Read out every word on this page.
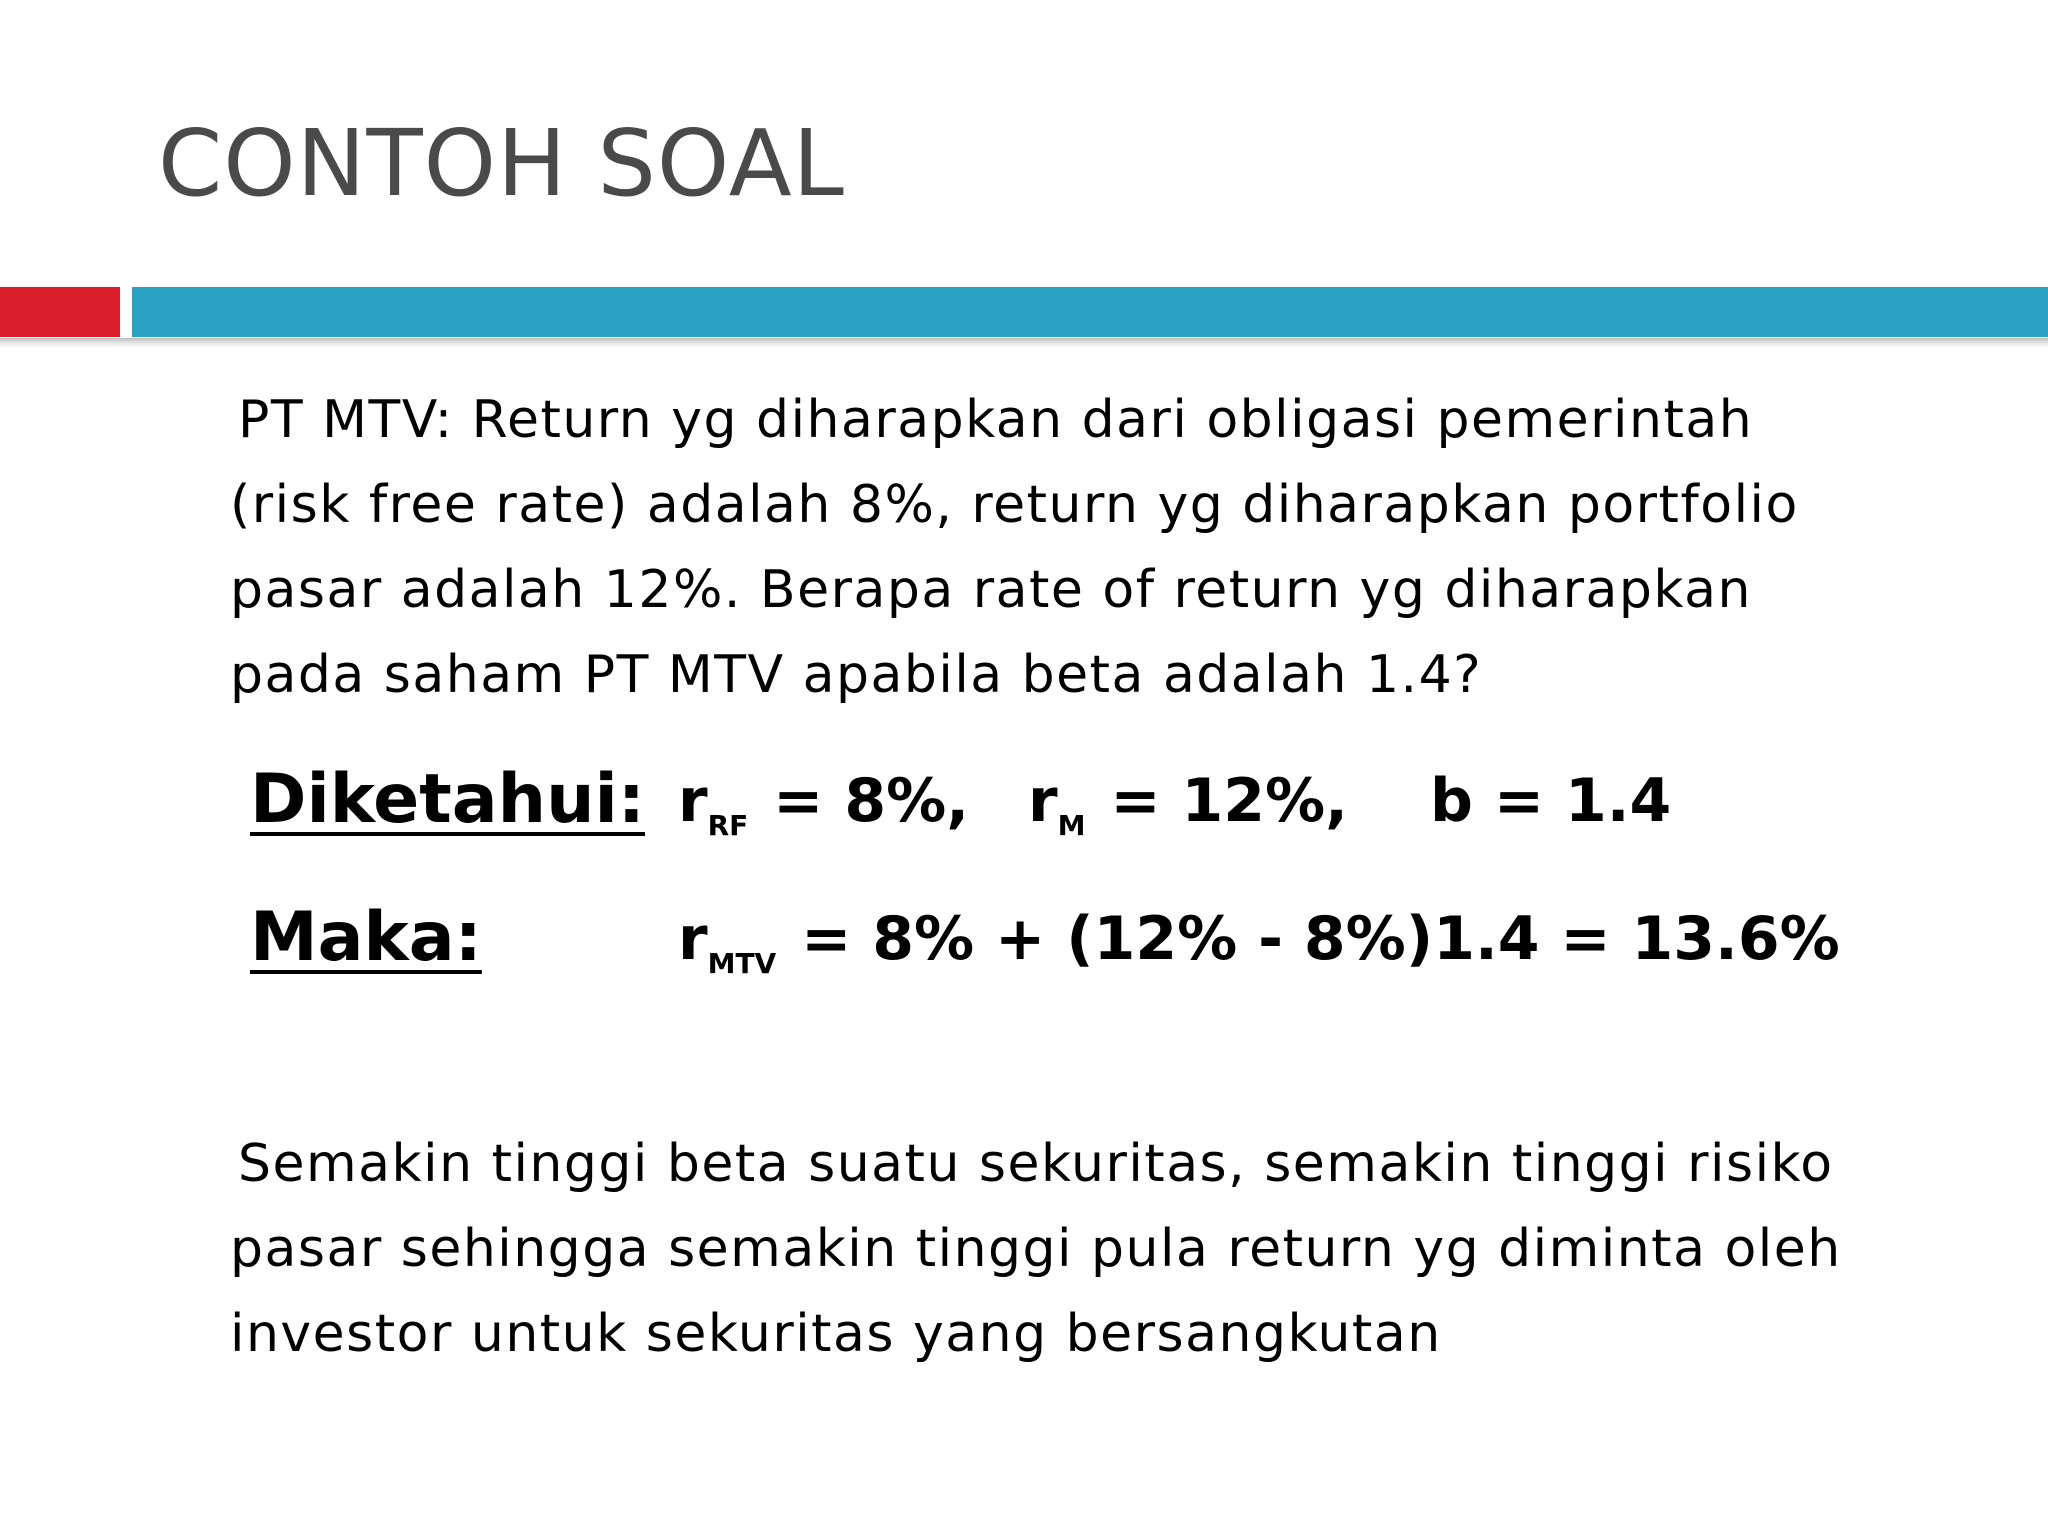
CONTOH SOAL
PT MTV: Return yg diharapkan dari obligasi pemerintah
(risk free rate) adalah 8%, return yg diharapkan portfolio
pasar adalah 12%. Berapa rate of return yg diharapkan
pada saham PT MTV apabila beta adalah 1.4?
Diketahui: $r_{RF} = 8\%$, $r_M = 12\%$, b = 1.4
Maka:	$r_{MTV} = 8\% + (12\% - 8\%)1.4 = 13.6\%$
Semakin tinggi beta suatu sekuritas, semakin tinggi risiko
pasar sehingga semakin tinggi pula return yg diminta oleh
investor untuk sekuritas yang bersangkutan
